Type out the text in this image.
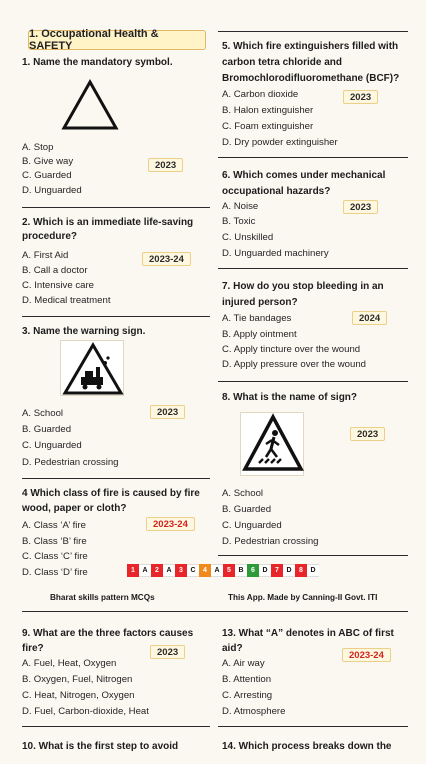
1. Occupational Health & SAFETY
1. Name the mandatory symbol.
A. Stop
B. Give way
C. Guarded
D. Unguarded
2023
2. Which is an immediate life-saving
procedure?
A. First Aid
B. Call a doctor
C. Intensive care
D. Medical treatment
2023-24
3. Name the warning sign.
A. School
B. Guarded
C. Unguarded
D. Pedestrian crossing
2023
4 Which class of fire is caused by fire
wood, paper or cloth?
A. Class ‘A’ fire
B. Class ‘B’ fire
C. Class ‘C’ fire
D. Class ‘D’ fire
2023-24
5. Which fire extinguishers filled with
carbon tetra chloride and
Bromochlorodifluoromethane (BCF)?
A. Carbon dioxide
B. Halon extinguisher
C. Foam extinguisher
D. Dry powder extinguisher
2023
6. Which comes under mechanical
occupational hazards?
A. Noise
B. Toxic
C. Unskilled
D. Unguarded machinery
2023
7. How do you stop bleeding in an
injured person?
A. Tie bandages
B. Apply ointment
C. Apply tincture over the wound
D. Apply pressure over the wound
2024
8. What is the name of sign?
2023
A. School
B. Guarded
C. Unguarded
D. Pedestrian crossing
1	A	2	A	3	C	4	A	5	B	6	D	7	D	8	D
Bharat skills pattern MCQs	This App. Made by Canning-II Govt. ITI
9. What are the three factors causes
fire?
A. Fuel, Heat, Oxygen
B. Oxygen, Fuel, Nitrogen
C. Heat, Nitrogen, Oxygen
D. Fuel, Carbon-dioxide, Heat
2023
13. What “A” denotes in ABC of first
aid?
A. Air way
B. Attention
C. Arresting
D. Atmosphere
2023-24
10. What is the first step to avoid	14. Which process breaks down the
